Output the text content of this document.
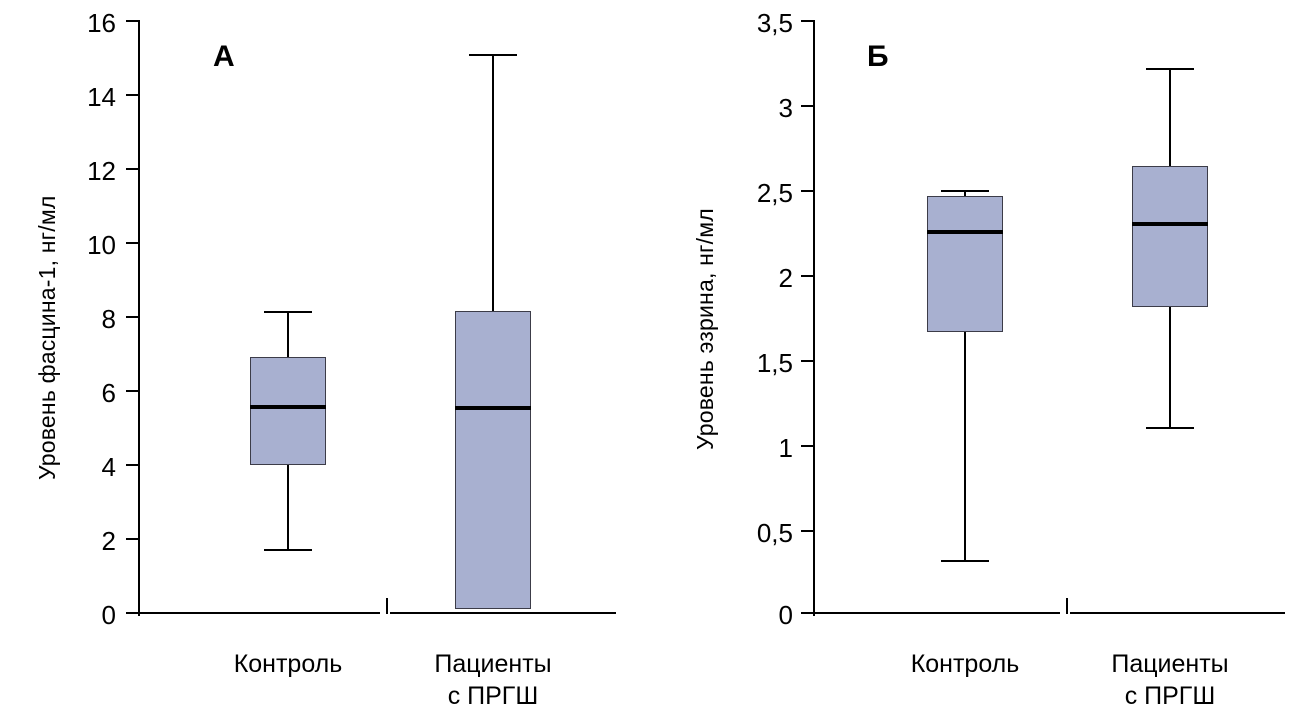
Уровень фасцина-1, нг/мл
А
16
14
12
10
8
6
4
2
0
Контроль	Пациенты
с ПРГШ
Уровень эзрина, нг/мл
Б
3,5
3
2,5
2
1,5
1
0,5
0
Контроль	Пациенты
с ПРГШ
